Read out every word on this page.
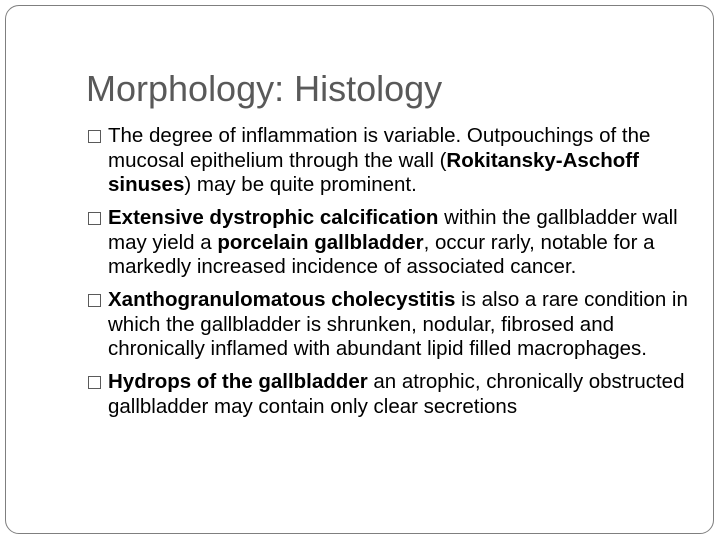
Morphology: Histology
The degree of inflammation is variable. Outpouchings of the mucosal epithelium through the wall (Rokitansky-Aschoff sinuses) may be quite prominent.
Extensive dystrophic calcification within the gallbladder wall may yield a porcelain gallbladder, occur rarly, notable for a markedly increased incidence of associated cancer.
Xanthogranulomatous cholecystitis is also a rare condition in which the gallbladder is shrunken, nodular, fibrosed and chronically inflamed with abundant lipid filled macrophages.
Hydrops of the gallbladder an atrophic, chronically obstructed gallbladder may contain only clear secretions
